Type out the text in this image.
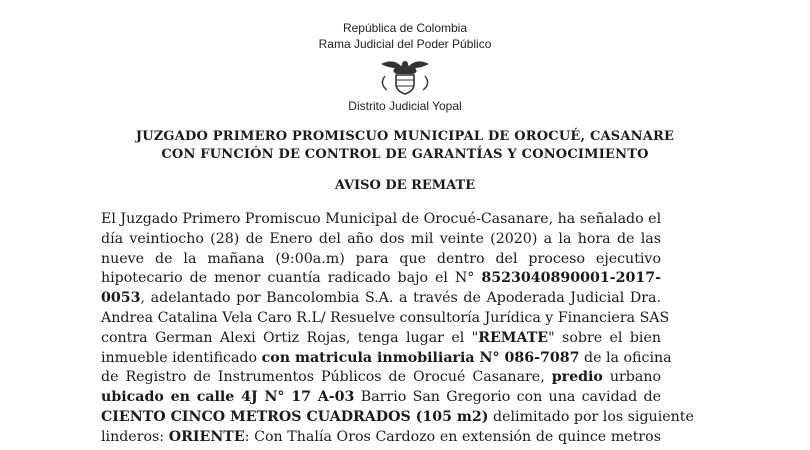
República de Colombia
Rama Judicial del Poder Público
Distrito Judicial Yopal
JUZGADO PRIMERO PROMISCUO MUNICIPAL DE OROCUÉ, CASANARE
CON FUNCIÓN DE CONTROL DE GARANTÍAS Y CONOCIMIENTO
AVISO DE REMATE
El Juzgado Primero Promiscuo Municipal de Orocué-Casanare, ha señalado el
día veintiocho (28) de Enero del año dos mil veinte (2020) a la hora de las
nueve de la mañana (9:00a.m) para que dentro del proceso ejecutivo
hipotecario de menor cuantía radicado bajo el N° 8523040890001-2017-
0053, adelantado por Bancolombia S.A. a través de Apoderada Judicial Dra.
Andrea Catalina Vela Caro R.L/ Resuelve consultoría Jurídica y Financiera SAS
contra German Alexi Ortiz Rojas, tenga lugar el "REMATE" sobre el bien
inmueble identificado con matricula inmobiliaria N° 086-7087 de la oficina
de Registro de Instrumentos Públicos de Orocué Casanare, predio urbano
ubicado en calle 4J N° 17 A-03 Barrio San Gregorio con una cavidad de
CIENTO CINCO METROS CUADRADOS (105 m2) delimitado por los siguiente
linderos: ORIENTE: Con Thalía Oros Cardozo en extensión de quince metros
